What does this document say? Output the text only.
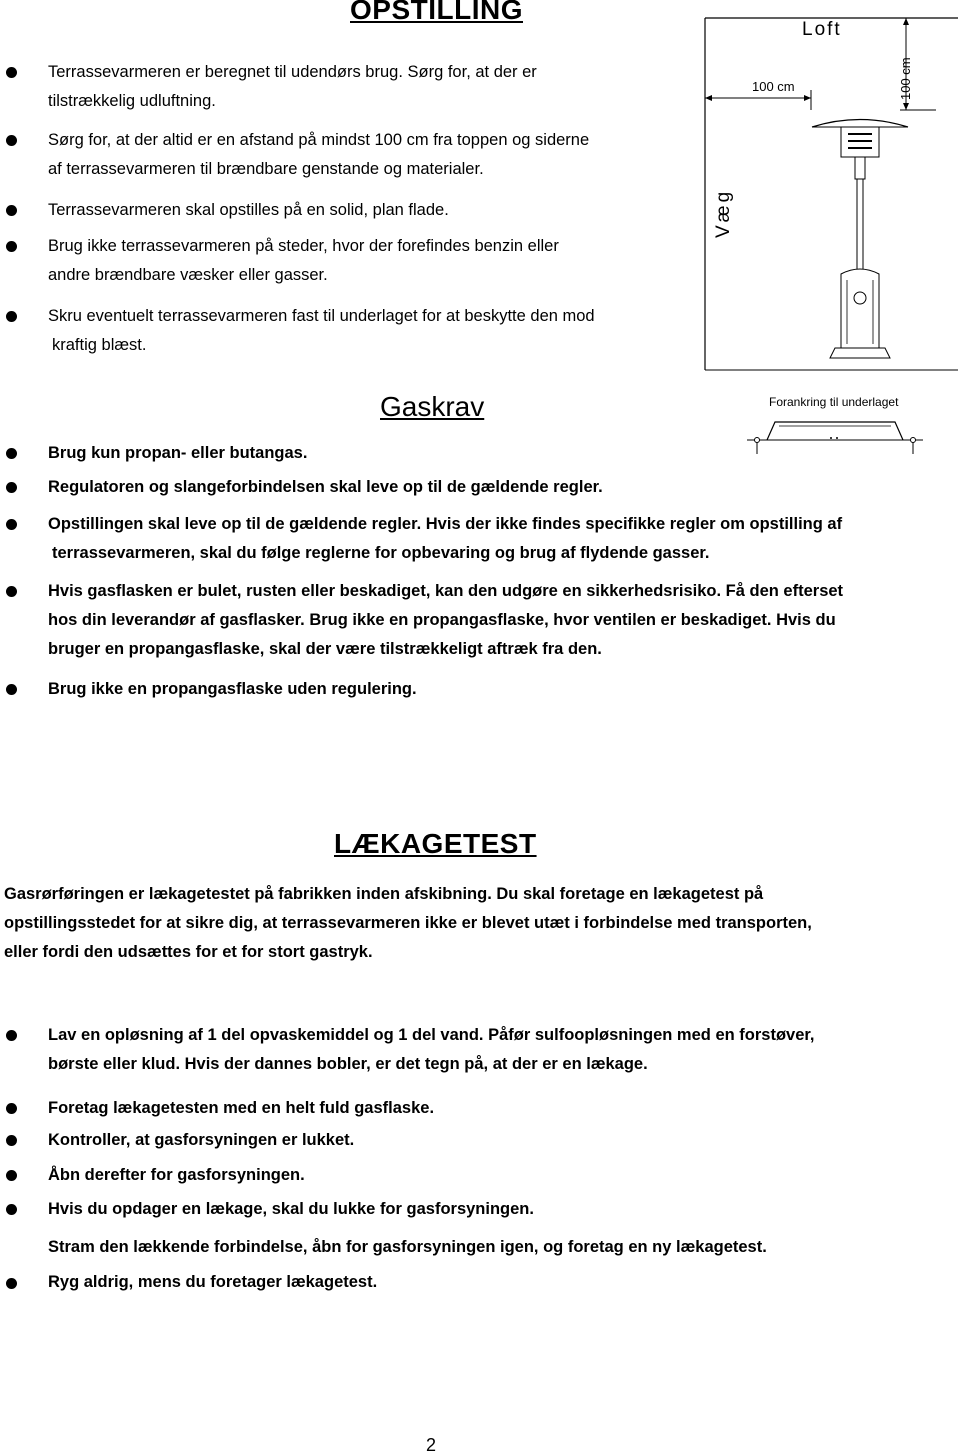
OPSTILLING
Terrassevarmeren er beregnet til udendørs brug. Sørg for, at der er
tilstrækkelig udluftning.
Sørg for, at der altid er en afstand på mindst 100 cm fra toppen og siderne
af terrassevarmeren til brændbare genstande og materialer.
Terrassevarmeren skal opstilles på en solid, plan flade.
Brug ikke terrassevarmeren på steder, hvor der forefindes benzin eller
andre brændbare væsker eller gasser.
Skru eventuelt terrassevarmeren fast til underlaget for at beskytte den mod
kraftig blæst.
Loft
100 cm	100 cm
Væg
Forankring til underlaget
Gaskrav
Brug kun propan- eller butangas.
Regulatoren og slangeforbindelsen skal leve op til de gældende regler.
Opstillingen skal leve op til de gældende regler. Hvis der ikke findes specifikke regler om opstilling af
terrassevarmeren, skal du følge reglerne for opbevaring og brug af flydende gasser.
Hvis gasflasken er bulet, rusten eller beskadiget, kan den udgøre en sikkerhedsrisiko. Få den efterset
hos din leverandør af gasflasker. Brug ikke en propangasflaske, hvor ventilen er beskadiget. Hvis du
bruger en propangasflaske, skal der være tilstrækkeligt aftræk fra den.
Brug ikke en propangasflaske uden regulering.
LÆKAGETEST
Gasrørføringen er lækagetestet på fabrikken inden afskibning. Du skal foretage en lækagetest på
opstillingsstedet for at sikre dig, at terrassevarmeren ikke er blevet utæt i forbindelse med transporten,
eller fordi den udsættes for et for stort gastryk.
Lav en opløsning af 1 del opvaskemiddel og 1 del vand. Påfør sulfoopløsningen med en forstøver,
børste eller klud. Hvis der dannes bobler, er det tegn på, at der er en lækage.
Foretag lækagetesten med en helt fuld gasflaske.
Kontroller, at gasforsyningen er lukket.
Åbn derefter for gasforsyningen.
Hvis du opdager en lækage, skal du lukke for gasforsyningen.
Stram den lækkende forbindelse, åbn for gasforsyningen igen, og foretag en ny lækagetest.
Ryg aldrig, mens du foretager lækagetest.
2
